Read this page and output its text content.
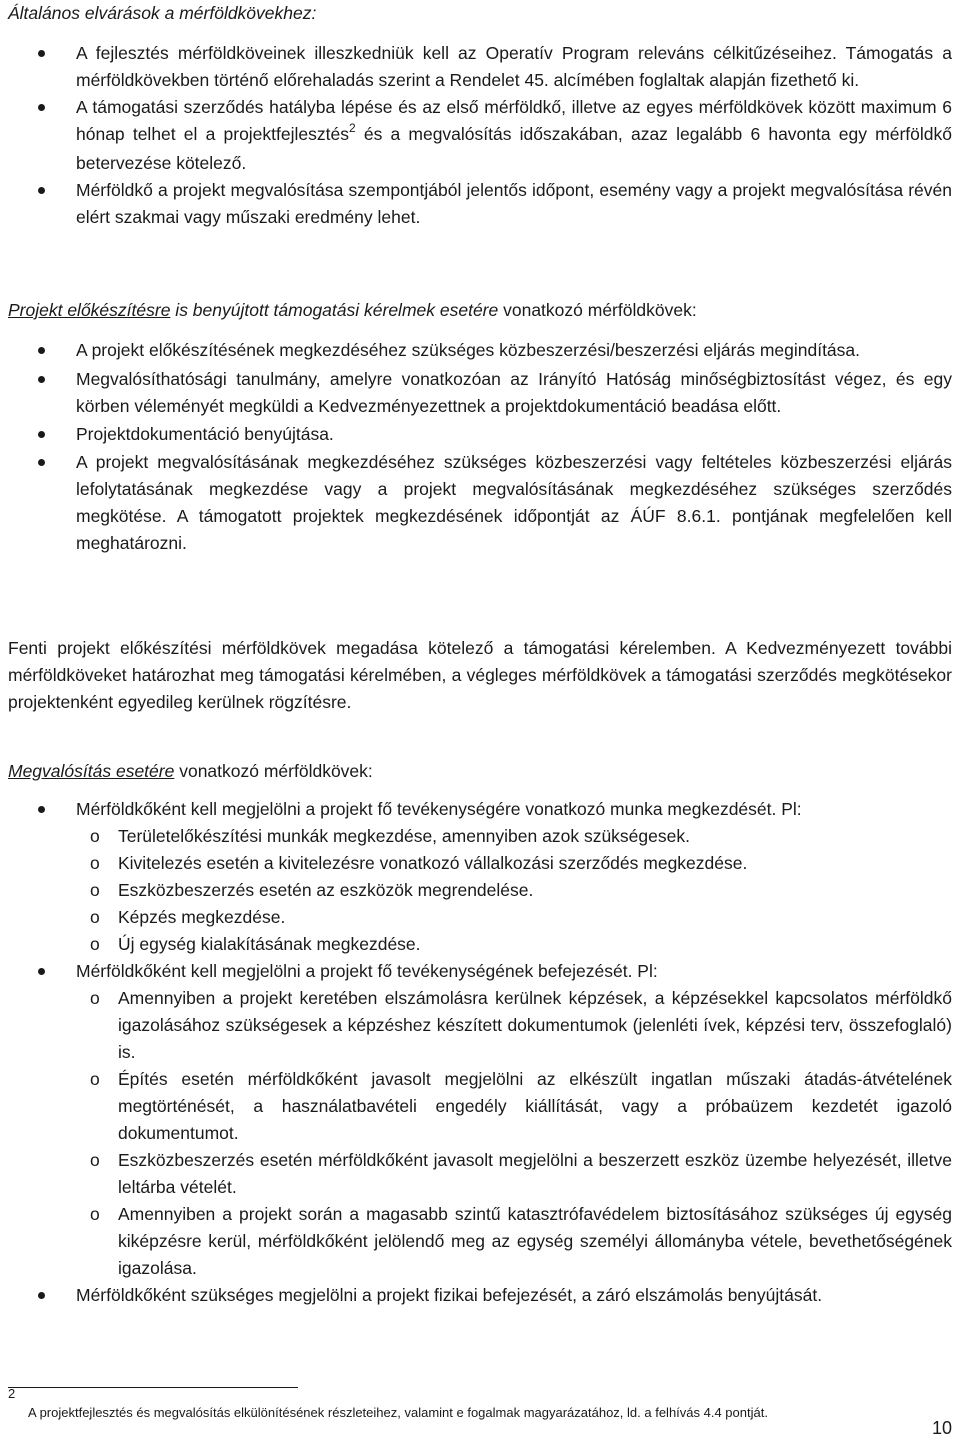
Általános elvárások a mérföldkövekhez:

A fejlesztés mérföldköveinek illeszkedniük kell az Operatív Program releváns célkitűzéseihez. Támogatás a mérföldkövekben történő előrehaladás szerint a Rendelet 45. alcímében foglaltak alapján fizethető ki.
A támogatási szerződés hatályba lépése és az első mérföldkő, illetve az egyes mérföldkövek között maximum 6 hónap telhet el a projektfejlesztés$^2$ és a megvalósítás időszakában, azaz legalább 6 havonta egy mérföldkő betervezése kötelező.
Mérföldkő a projekt megvalósítása szempontjából jelentős időpont, esemény vagy a projekt megvalósítása révén elért szakmai vagy műszaki eredmény lehet.

Projekt előkészítésre is benyújtott támogatási kérelmek esetére vonatkozó mérföldkövek:

A projekt előkészítésének megkezdéséhez szükséges közbeszerzési/beszerzési eljárás megindítása.
Megvalósíthatósági tanulmány, amelyre vonatkozóan az Irányító Hatóság minőségbiztosítást végez, és egy körben véleményét megküldi a Kedvezményezettnek a projektdokumentáció beadása előtt.
Projektdokumentáció benyújtása.
A projekt megvalósításának megkezdéséhez szükséges közbeszerzési vagy feltételes közbeszerzési eljárás lefolytatásának megkezdése vagy a projekt megvalósításának megkezdéséhez szükséges szerződés megkötése. A támogatott projektek megkezdésének időpontját az ÁÚF 8.6.1. pontjának megfelelően kell meghatározni.

Fenti projekt előkészítési mérföldkövek megadása kötelező a támogatási kérelemben. A Kedvezményezett további mérföldköveket határozhat meg támogatási kérelmében, a végleges mérföldkövek a támogatási szerződés megkötésekor projektenként egyedileg kerülnek rögzítésre.

Megvalósítás esetére vonatkozó mérföldkövek:

Mérföldkőként kell megjelölni a projekt fő tevékenységére vonatkozó munka megkezdését. Pl:
o Területelőkészítési munkák megkezdése, amennyiben azok szükségesek.
o Kivitelezés esetén a kivitelezésre vonatkozó vállalkozási szerződés megkezdése.
o Eszközbeszerzés esetén az eszközök megrendelése.
o Képzés megkezdése.
o Új egység kialakításának megkezdése.
Mérföldkőként kell megjelölni a projekt fő tevékenységének befejezését. Pl:
o Amennyiben a projekt keretében elszámolásra kerülnek képzések, a képzésekkel kapcsolatos mérföldkő igazolásához szükségesek a képzéshez készített dokumentumok (jelenléti ívek, képzési terv, összefoglaló) is.
o Építés esetén mérföldkőként javasolt megjelölni az elkészült ingatlan műszaki átadás-átvételének megtörténését, a használatbavételi engedély kiállítását, vagy a próbaüzem kezdetét igazoló dokumentumot.
o Eszközbeszerzés esetén mérföldkőként javasolt megjelölni a beszerzett eszköz üzembe helyezését, illetve leltárba vételét.
o Amennyiben a projekt során a magasabb szintű katasztrófavédelem biztosításához szükséges új egység kiképzésre kerül, mérföldkőként jelölendő meg az egység személyi állományba vétele, bevethetőségének igazolása.
Mérföldkőként szükséges megjelölni a projekt fizikai befejezését, a záró elszámolás benyújtását.
$^2$
A projektfejlesztés és megvalósítás elkülönítésének részleteihez, valamint e fogalmak magyarázatához, ld. a felhívás 4.4 pontját.
10
